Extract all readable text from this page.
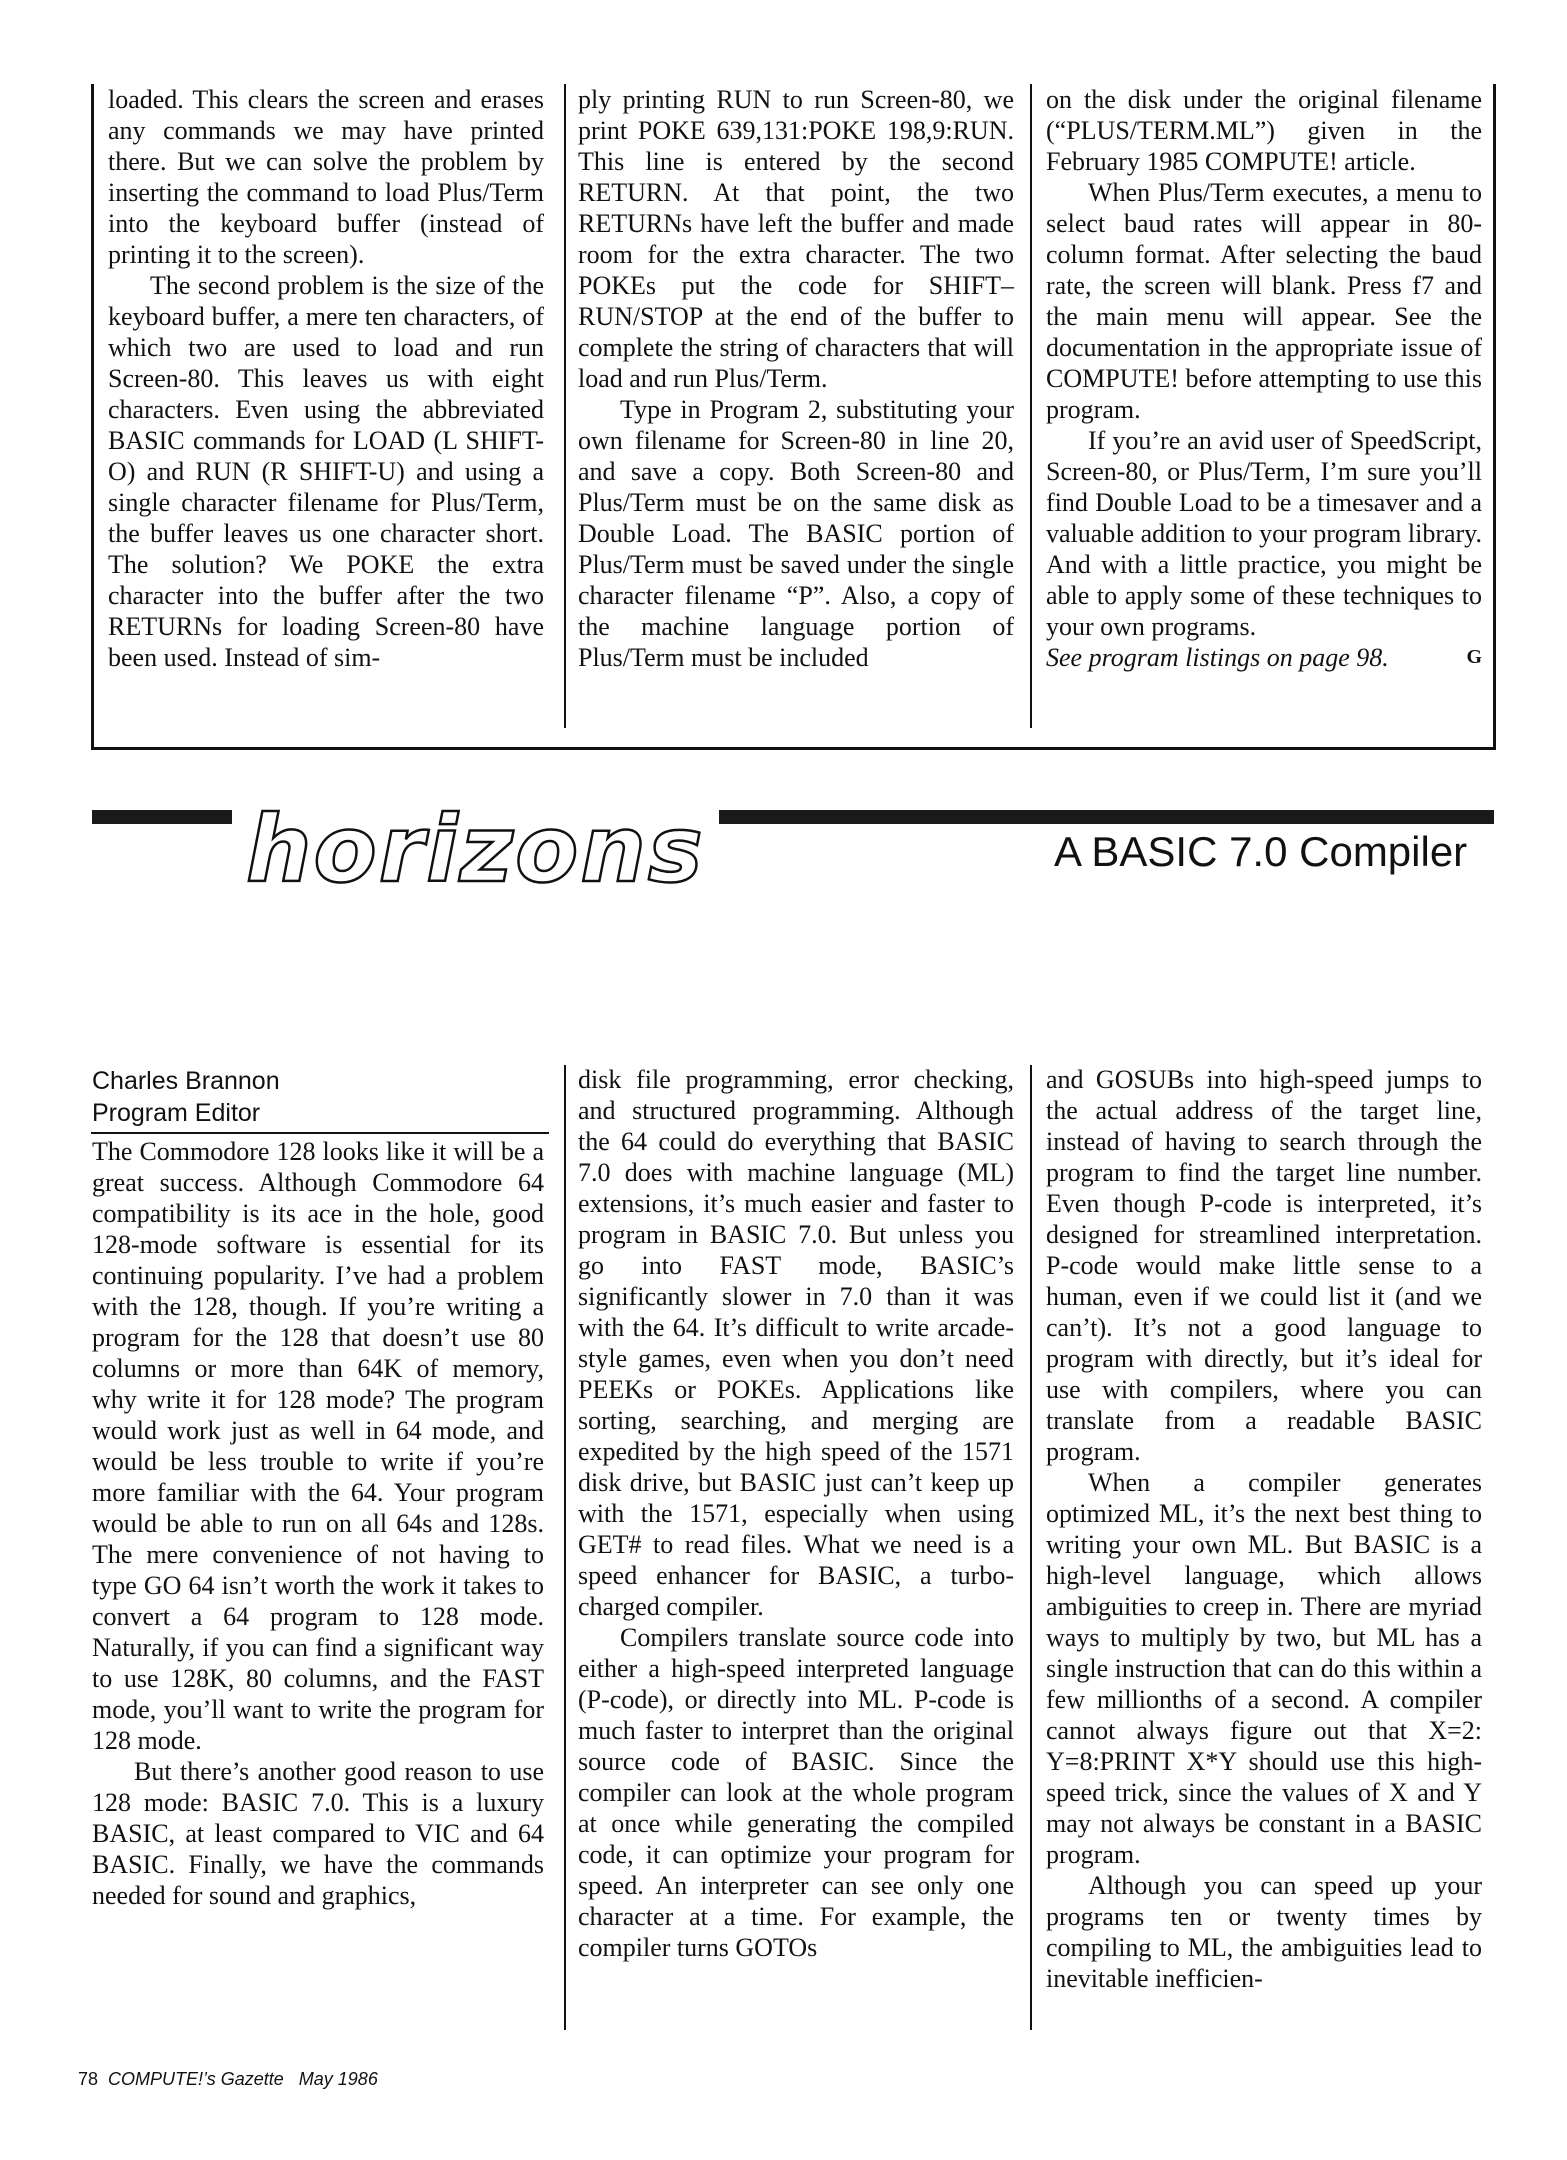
loaded. This clears the screen and erases any commands we may have printed there. But we can solve the problem by inserting the command to load Plus/Term into the keyboard buffer (instead of printing it to the screen).

The second problem is the size of the keyboard buffer, a mere ten characters, of which two are used to load and run Screen-80. This leaves us with eight characters. Even using the abbreviated BASIC commands for LOAD (L SHIFT-O) and RUN (R SHIFT-U) and using a single character filename for Plus/Term, the buffer leaves us one character short. The solution? We POKE the extra character into the buffer after the two RETURNs for loading Screen-80 have been used. Instead of sim-

ply printing RUN to run Screen-80, we print POKE 639,131:POKE 198,9:RUN. This line is entered by the second RETURN. At that point, the two RETURNs have left the buffer and made room for the extra character. The two POKEs put the code for SHIFT–RUN/STOP at the end of the buffer to complete the string of characters that will load and run Plus/Term.

Type in Program 2, substituting your own filename for Screen-80 in line 20, and save a copy. Both Screen-80 and Plus/Term must be on the same disk as Double Load. The BASIC portion of Plus/Term must be saved under the single character filename “P”. Also, a copy of the machine language portion of Plus/Term must be included

on the disk under the original filename (“PLUS/TERM.ML”) given in the February 1985 COMPUTE! article.

When Plus/Term executes, a menu to select baud rates will appear in 80- column format. After selecting the baud rate, the screen will blank. Press f7 and the main menu will appear. See the documentation in the appropriate issue of COMPUTE! before attempting to use this program.

If you’re an avid user of SpeedScript, Screen-80, or Plus/Term, I’m sure you’ll find Double Load to be a timesaver and a valuable addition to your program library. And with a little practice, you might be able to apply some of these techniques to your own programs.

See program listings on page 98.	G

horizons	A BASIC 7.0 Compiler
Charles Brannon
Program Editor

The Commodore 128 looks like it will be a great success. Although Commodore 64 compatibility is its ace in the hole, good 128-mode software is essential for its continuing popularity. I’ve had a problem with the 128, though. If you’re writing a program for the 128 that doesn’t use 80 columns or more than 64K of memory, why write it for 128 mode? The program would work just as well in 64 mode, and would be less trouble to write if you’re more familiar with the 64. Your program would be able to run on all 64s and 128s. The mere convenience of not having to type GO 64 isn’t worth the work it takes to convert a 64 program to 128 mode. Naturally, if you can find a significant way to use 128K, 80 columns, and the FAST mode, you’ll want to write the program for 128 mode.

But there’s another good reason to use 128 mode: BASIC 7.0. This is a luxury BASIC, at least compared to VIC and 64 BASIC. Finally, we have the commands needed for sound and graphics,

disk file programming, error checking, and structured programming. Although the 64 could do everything that BASIC 7.0 does with machine language (ML) extensions, it’s much easier and faster to program in BASIC 7.0. But unless you go into FAST mode, BASIC’s significantly slower in 7.0 than it was with the 64. It’s difficult to write arcade-style games, even when you don’t need PEEKs or POKEs. Applications like sorting, searching, and merging are expedited by the high speed of the 1571 disk drive, but BASIC just can’t keep up with the 1571, especially when using GET# to read files. What we need is a speed enhancer for BASIC, a turbo-charged compiler.

Compilers translate source code into either a high-speed interpreted language (P-code), or directly into ML. P-code is much faster to interpret than the original source code of BASIC. Since the compiler can look at the whole program at once while generating the compiled code, it can optimize your program for speed. An interpreter can see only one character at a time. For example, the compiler turns GOTOs

and GOSUBs into high-speed jumps to the actual address of the target line, instead of having to search through the program to find the target line number. Even though P-code is interpreted, it’s designed for streamlined interpretation. P-code would make little sense to a human, even if we could list it (and we can’t). It’s not a good language to program with directly, but it’s ideal for use with compilers, where you can translate from a readable BASIC program.

When a compiler generates optimized ML, it’s the next best thing to writing your own ML. But BASIC is a high-level language, which allows ambiguities to creep in. There are myriad ways to multiply by two, but ML has a single instruction that can do this within a few millionths of a second. A compiler cannot always figure out that X=2: Y=8:PRINT X*Y should use this high-speed trick, since the values of X and Y may not always be constant in a BASIC program.

Although you can speed up your programs ten or twenty times by compiling to ML, the ambiguities lead to inevitable inefficien-

78 COMPUTE!’s Gazette May 1986
